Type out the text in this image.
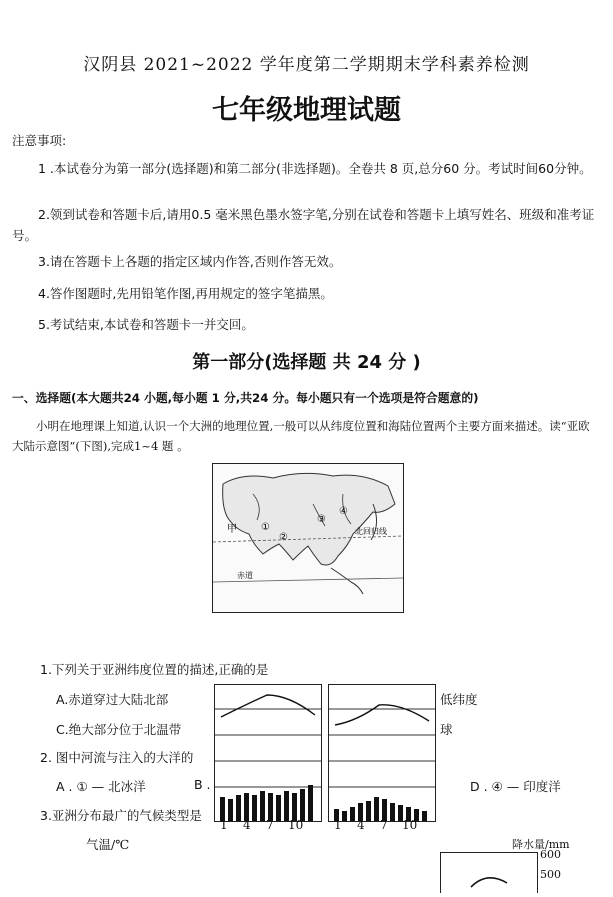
汉阴县 2021~2022 学年度第二学期期末学科素养检测
七年级地理试题
注意事项:
1 .本试卷分为第一部分(选择题)和第二部分(非选择题)。全卷共 8 页,总分60 分。考试时间60分钟。
2.领到试卷和答题卡后,请用0.5 毫米黑色墨水签字笔,分别在试卷和答题卡上填写姓名、班级和准考证号。
3.请在答题卡上各题的指定区域内作答,否则作答无效。
4.答作图题时,先用铅笔作图,再用规定的签字笔描黑。
5.考试结束,本试卷和答题卡一并交回。
第一部分(选择题 共 24 分 )
一、选择题(本大题共24 小题,每小题 1 分,共24 分。每小题只有一个选项是符合题意的)
小明在地理课上知道,认识一个大洲的地理位置,一般可以从纬度位置和海陆位置两个主要方面来描述。读“亚欧大陆示意图”(下图),完成1~4 题 。
甲 ①
②
③
④
北回归线
赤道
1.下列关于亚洲纬度位置的描述,正确的是
A.赤道穿过大陆北部
C.绝大部分位于北温带
低纬度
球
2. 图中河流与注入的大洋的
A . ① — 北冰洋	B .	D . ④ — 印度洋
3.亚洲分布最广的气候类型是
1 4 7 10	1 4 7 10
气温/℃	降水量/mm
600
500
